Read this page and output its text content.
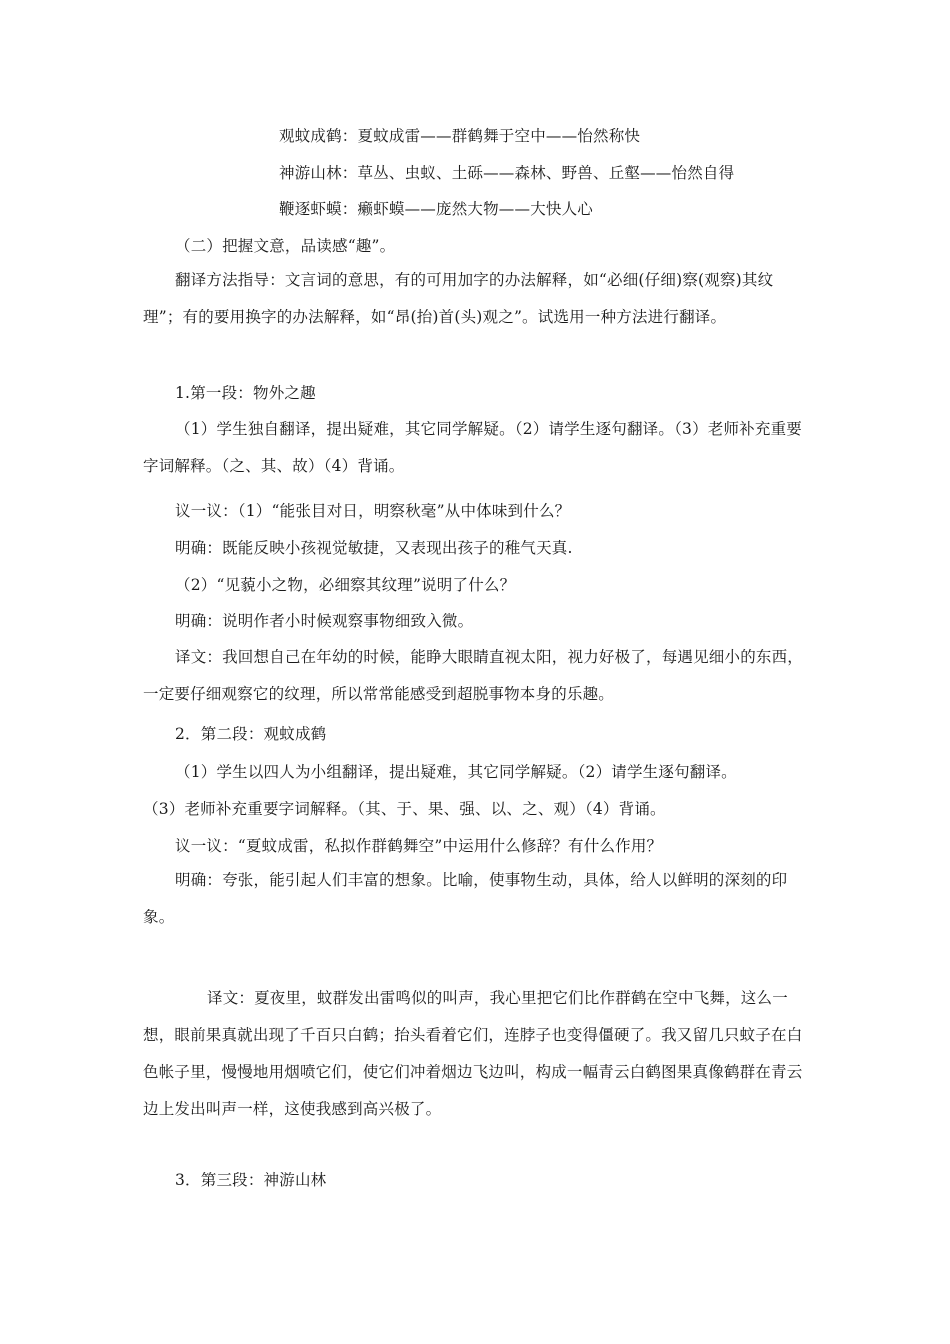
观蚊成鹤：夏蚊成雷——群鹤舞于空中——怡然称快
神游山林：草丛、虫蚁、土砾——森林、野兽、丘壑——怡然自得
鞭逐虾蟆：癞虾蟆——庞然大物——大快人心
（二）把握文意，品读感“趣”。
翻译方法指导：文言词的意思，有的可用加字的办法解释，如“必细(仔细)察(观察)其纹理”；有的要用换字的办法解释，如“昂(抬)首(头)观之”。试选用一种方法进行翻译。
1.第一段：物外之趣
（1）学生独自翻译，提出疑难，其它同学解疑。（2）请学生逐句翻译。（3）老师补充重要字词解释。（之、其、故）（4）背诵。
议一议：（1）“能张目对日，明察秋毫”从中体味到什么？
明确：既能反映小孩视觉敏捷，又表现出孩子的稚气天真.
（2）“见藐小之物，必细察其纹理”说明了什么？
明确：说明作者小时候观察事物细致入微。
译文：我回想自己在年幼的时候，能睁大眼睛直视太阳，视力好极了，每遇见细小的东西，一定要仔细观察它的纹理，所以常常能感受到超脱事物本身的乐趣。
2．第二段：观蚊成鹤
（1）学生以四人为小组翻译，提出疑难，其它同学解疑。（2）请学生逐句翻译。
（3）老师补充重要字词解释。（其、于、果、强、以、之、观）（4）背诵。
议一议：“夏蚊成雷，私拟作群鹤舞空”中运用什么修辞？有什么作用？
明确：夸张，能引起人们丰富的想象。比喻，使事物生动，具体，给人以鲜明的深刻的印象。
译文：夏夜里，蚊群发出雷鸣似的叫声，我心里把它们比作群鹤在空中飞舞，这么一想，眼前果真就出现了千百只白鹤；抬头看着它们，连脖子也变得僵硬了。我又留几只蚊子在白色帐子里，慢慢地用烟喷它们，使它们冲着烟边飞边叫，构成一幅青云白鹤图果真像鹤群在青云边上发出叫声一样，这使我感到高兴极了。
3．第三段：神游山林
